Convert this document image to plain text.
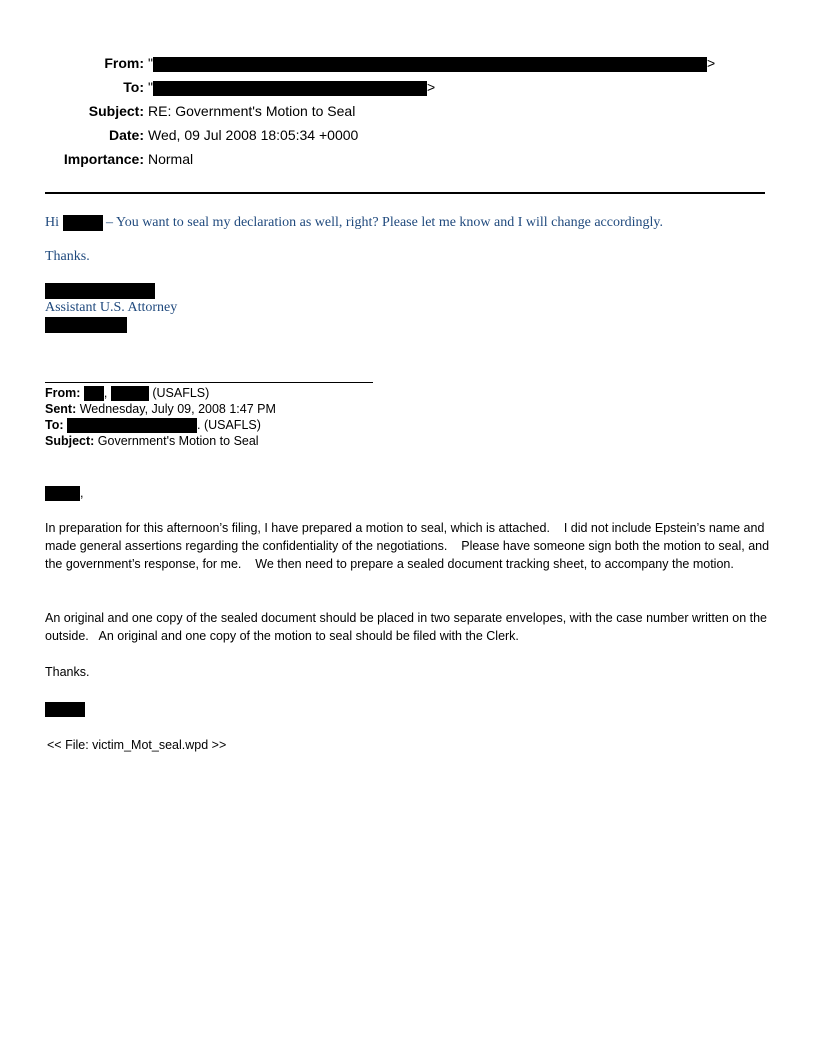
From: "	>
To: "	>
Subject: RE: Government's Motion to Seal
Date: Wed, 09 Jul 2008 18:05:34 +0000
Importance: Normal
Hi	– You want to seal my declaration as well, right? Please let me know and I will change accordingly.
Thanks.
Assistant U.S. Attorney
From: ,	(USAFLS)
Sent: Wednesday, July 09, 2008 1:47 PM
To:	. (USAFLS)
Subject: Government's Motion to Seal
,
In preparation for this afternoon’s filing, I have prepared a motion to seal, which is attached.    I did not include Epstein’s name and made general assertions regarding the confidentiality of the negotiations.    Please have someone sign both the motion to seal, and the government’s response, for me.    We then need to prepare a sealed document tracking sheet, to accompany the motion.
An original and one copy of the sealed document should be placed in two separate envelopes, with the case number written on the outside.   An original and one copy of the motion to seal should be filed with the Clerk.
Thanks.
<< File: victim_Mot_seal.wpd >>
